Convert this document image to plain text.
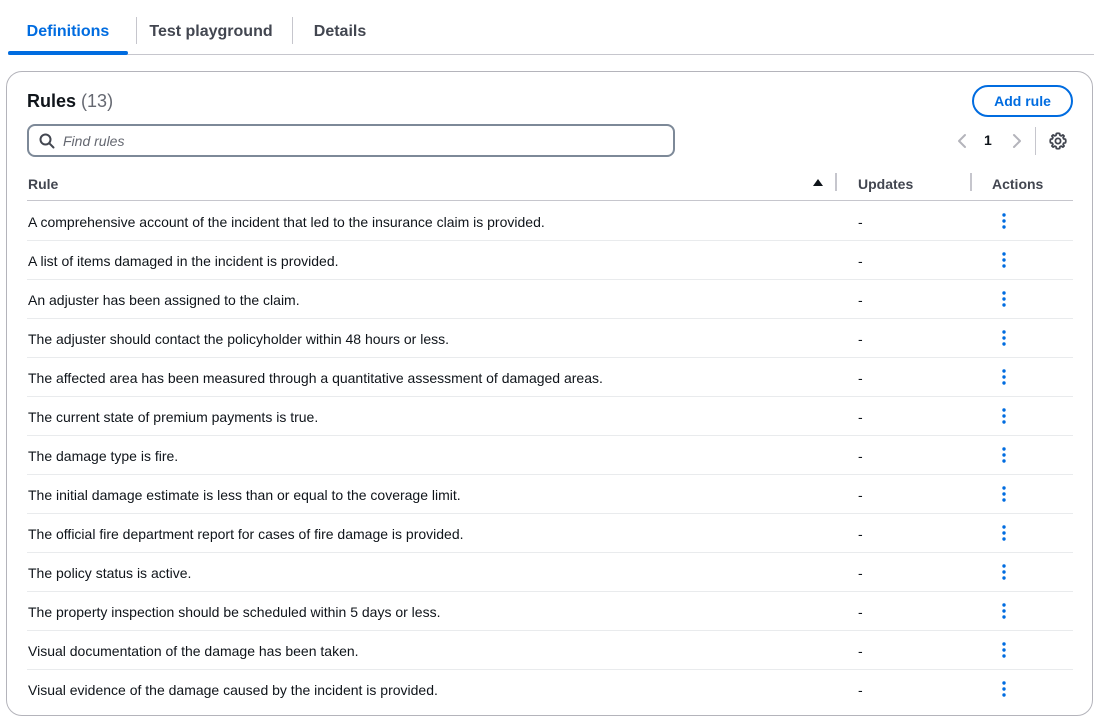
Definitions	Test playground	Details
Rules (13)	Add rule
Find rules
1
Rule	Updates	Actions
A comprehensive account of the incident that led to the insurance claim is provided.	-
A list of items damaged in the incident is provided.	-
An adjuster has been assigned to the claim.	-
The adjuster should contact the policyholder within 48 hours or less.	-
The affected area has been measured through a quantitative assessment of damaged areas.	-
The current state of premium payments is true.	-
The damage type is fire.	-
The initial damage estimate is less than or equal to the coverage limit.	-
The official fire department report for cases of fire damage is provided.	-
The policy status is active.	-
The property inspection should be scheduled within 5 days or less.	-
Visual documentation of the damage has been taken.	-
Visual evidence of the damage caused by the incident is provided.	-
